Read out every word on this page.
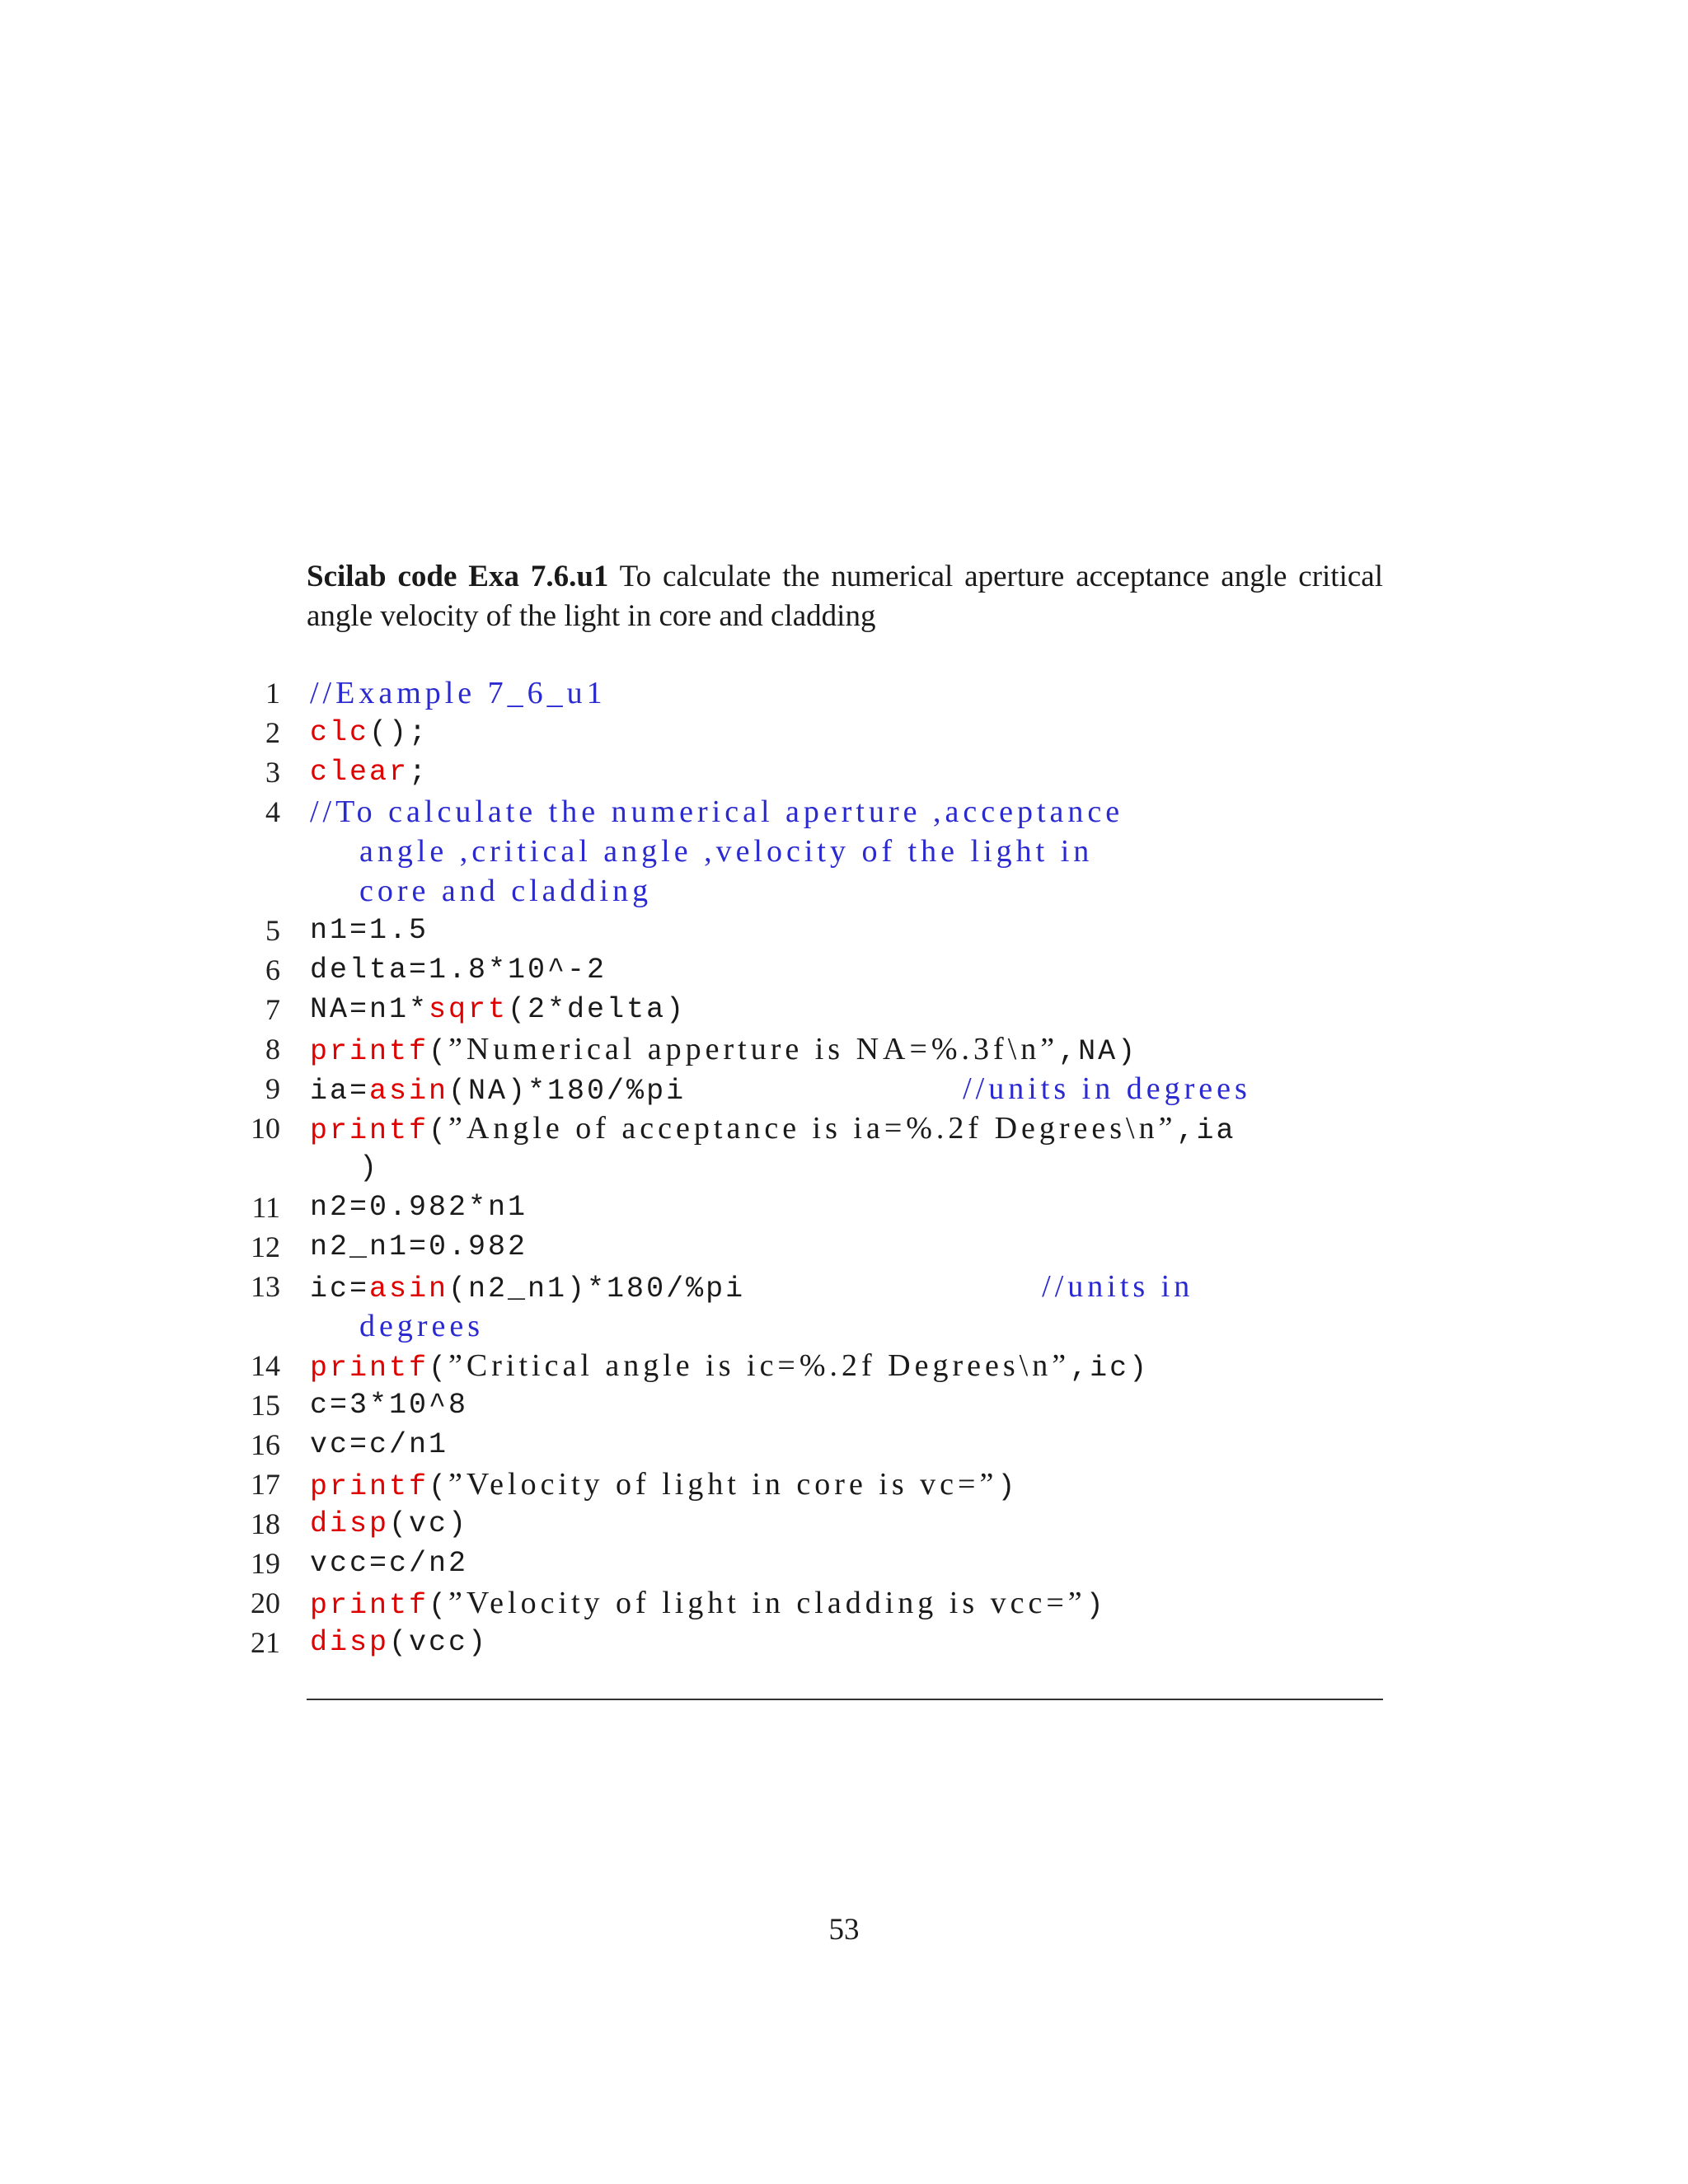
Scilab code Exa 7.6.u1 To calculate the numerical aperture acceptance angle critical angle velocity of the light in core and cladding
1 //Example 7_6_u1
2 clc();
3 clear;
4 //To calculate the numerical aperture ,acceptance
angle ,critical angle ,velocity of the light in
core and cladding
5 n1=1.5
6 delta=1.8*10^-2
7 NA=n1*sqrt(2*delta)
8 printf(”Numerical apperture is NA=%.3f\n”,NA)
9 ia=asin(NA)*180/%pi              //units in degrees
10 printf(”Angle of acceptance is ia=%.2f Degrees\n”,ia
)
11 n2=0.982*n1
12 n2_n1=0.982
13 ic=asin(n2_n1)*180/%pi               //units in
degrees
14 printf(”Critical angle is ic=%.2f Degrees\n”,ic)
15 c=3*10^8
16 vc=c/n1
17 printf(”Velocity of light in core is vc=”)
18 disp(vc)
19 vcc=c/n2
20 printf(”Velocity of light in cladding is vcc=”)
21 disp(vcc)
53
